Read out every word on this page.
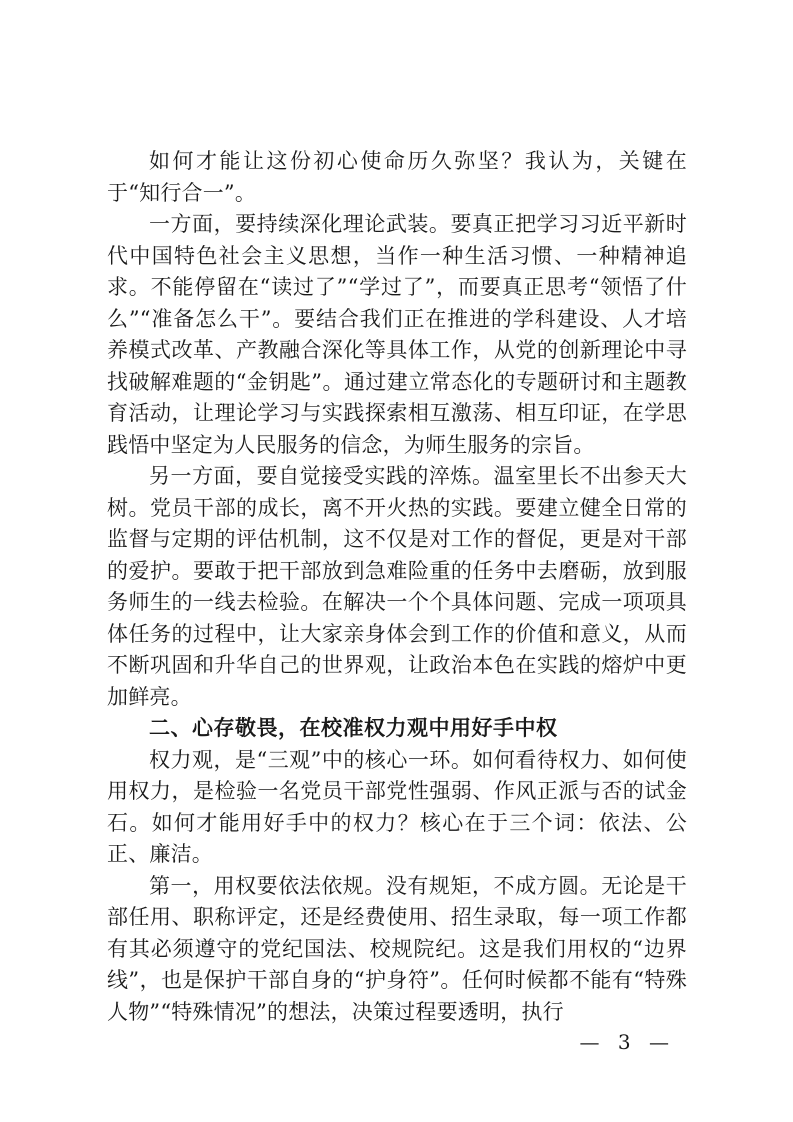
如何才能让这份初心使命历久弥坚？我认为，关键在于“知行合一”。

一方面，要持续深化理论武装。要真正把学习习近平新时代中国特色社会主义思想，当作一种生活习惯、一种精神追求。不能停留在“读过了”“学过了”，而要真正思考“领悟了什么”“准备怎么干”。要结合我们正在推进的学科建设、人才培养模式改革、产教融合深化等具体工作，从党的创新理论中寻找破解难题的“金钥匙”。通过建立常态化的专题研讨和主题教育活动，让理论学习与实践探索相互激荡、相互印证，在学思践悟中坚定为人民服务的信念，为师生服务的宗旨。

另一方面，要自觉接受实践的淬炼。温室里长不出参天大树。党员干部的成长，离不开火热的实践。要建立健全日常的监督与定期的评估机制，这不仅是对工作的督促，更是对干部的爱护。要敢于把干部放到急难险重的任务中去磨砺，放到服务师生的一线去检验。在解决一个个具体问题、完成一项项具体任务的过程中，让大家亲身体会到工作的价值和意义，从而不断巩固和升华自己的世界观，让政治本色在实践的熔炉中更加鲜亮。

二、心存敬畏，在校准权力观中用好手中权

权力观，是“三观”中的核心一环。如何看待权力、如何使用权力，是检验一名党员干部党性强弱、作风正派与否的试金石。如何才能用好手中的权力？核心在于三个词：依法、公正、廉洁。

第一，用权要依法依规。没有规矩，不成方圆。无论是干部任用、职称评定，还是经费使用、招生录取，每一项工作都有其必须遵守的党纪国法、校规院纪。这是我们用权的“边界线”，也是保护干部自身的“护身符”。任何时候都不能有“特殊人物”“特殊情况”的想法，决策过程要透明，执行

— 3 —
